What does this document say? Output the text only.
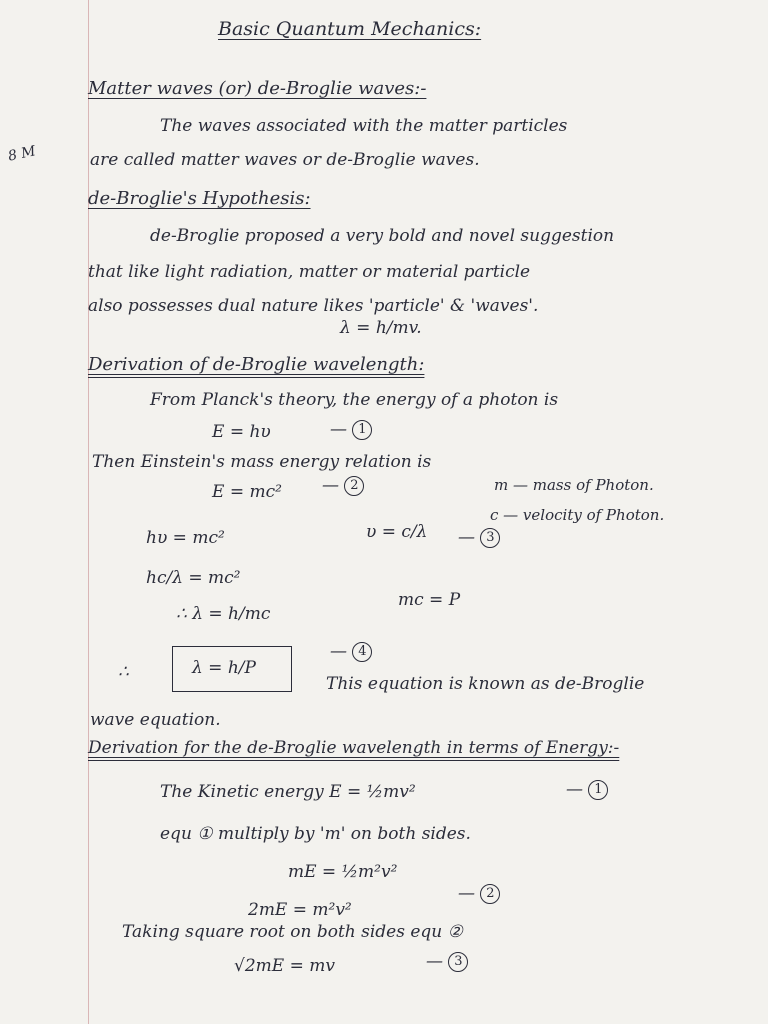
8 M
Basic Quantum Mechanics:
Matter waves (or) de-Broglie waves:-
The waves associated with the matter particles
are called matter waves or de-Broglie waves.
de-Broglie's Hypothesis:
de-Broglie proposed a very bold and novel suggestion
that like light radiation, matter or material particle
also possesses dual nature likes 'particle' & 'waves'.
λ = h/mv.
Derivation of de-Broglie wavelength:
From Planck's theory, the energy of a photon is
E = hυ	— 1
Then Einstein's mass energy relation is
E = mc² — 2	m — mass of Photon.
c — velocity of Photon.
hυ = mc²	υ = c/λ — 3
hc/λ = mc²
∴ λ = h/mc
mc = P
∴	λ = h/P
— 4
This equation is known as de-Broglie
wave equation.
Derivation for the de-Broglie wavelength in terms of Energy:-
The Kinetic energy E = ½mv²	— 1
equ ① multiply by 'm' on both sides.
mE = ½m²v²
2mE = m²v²
— 2
Taking square root on both sides equ ②
√2mE = mv	— 3
